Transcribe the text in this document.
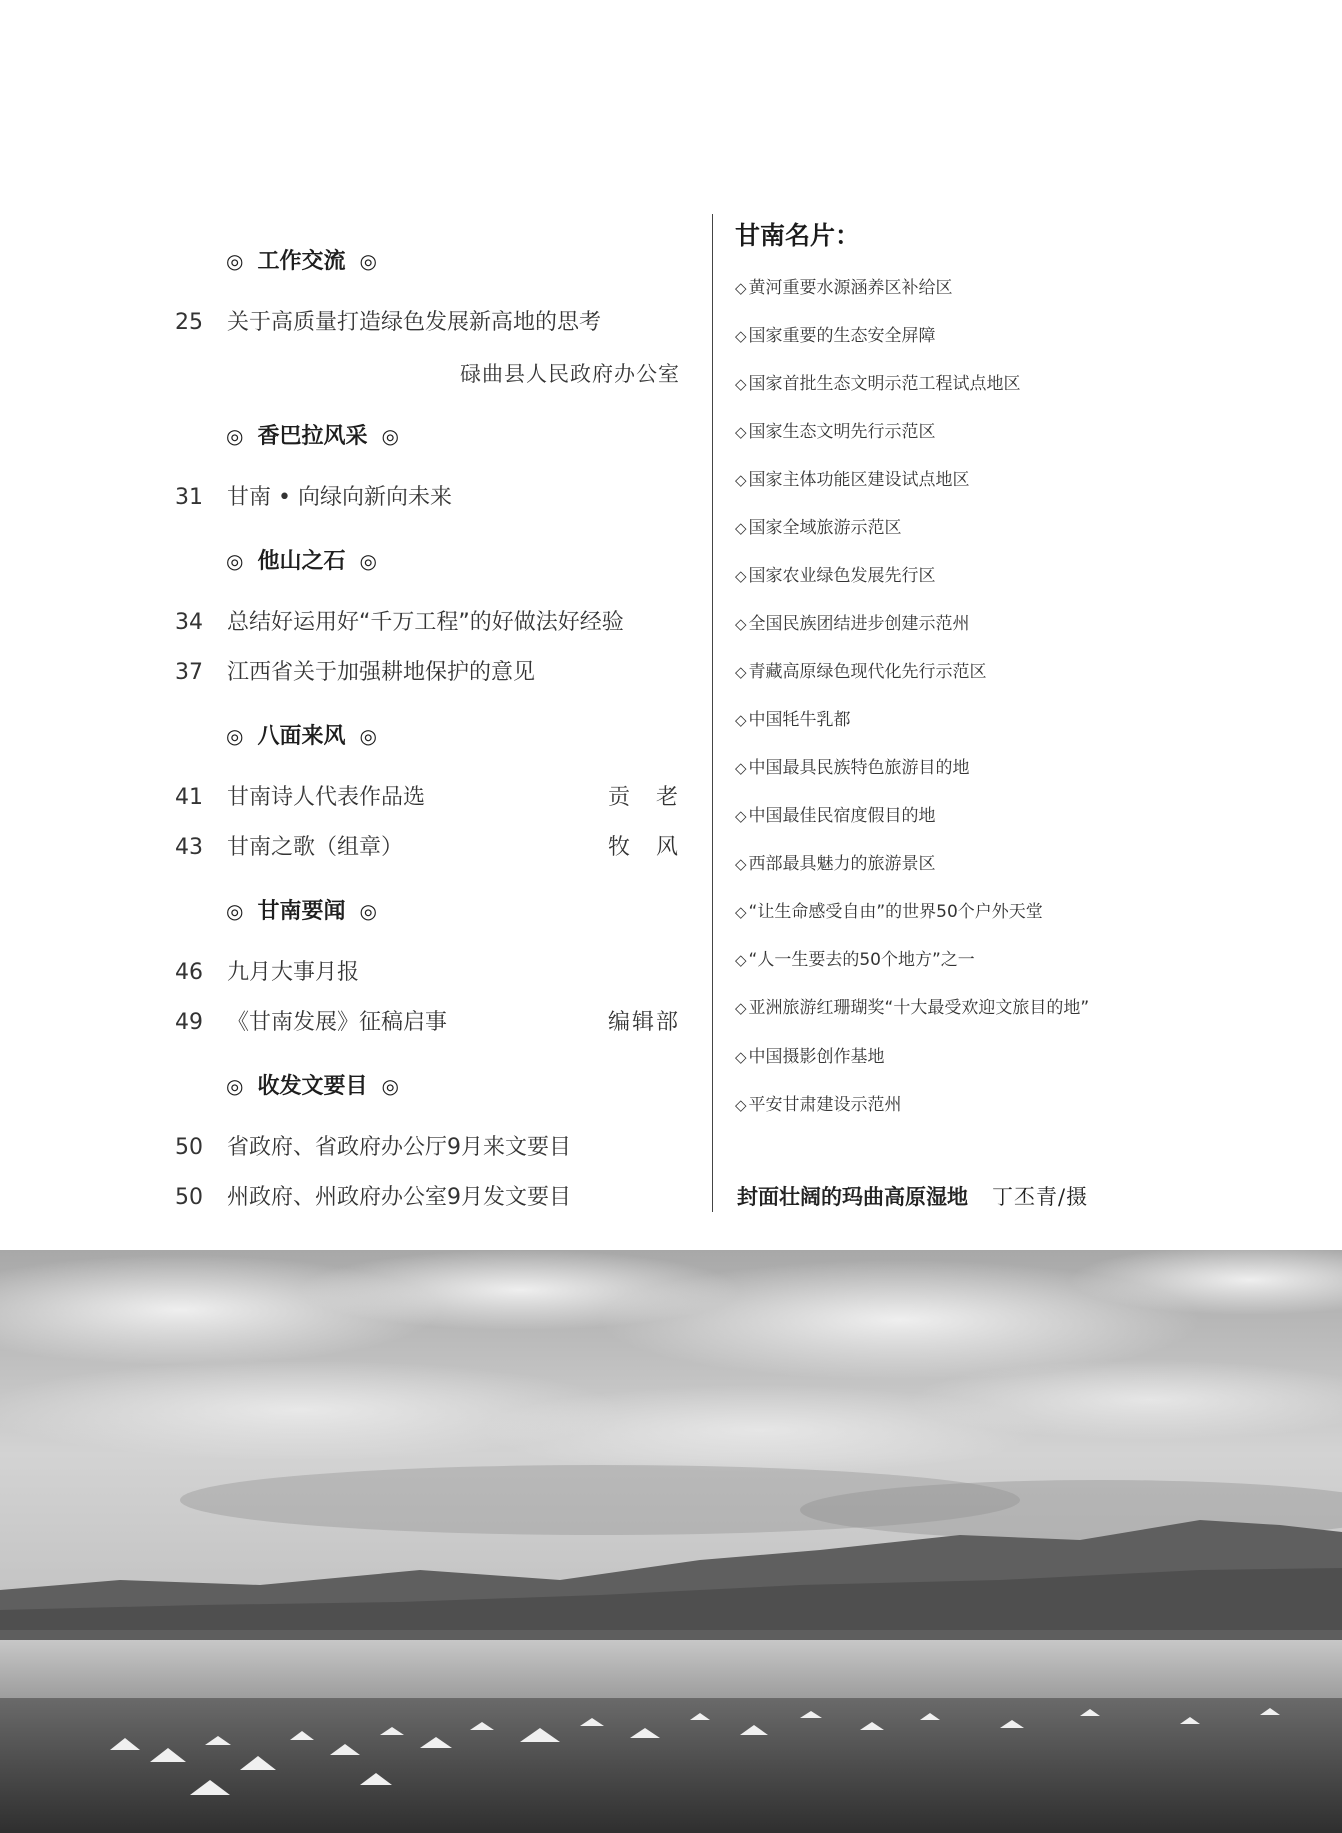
◎ 工作交流 ◎
25	关于高质量打造绿色发展新高地的思考
碌曲县人民政府办公室
◎ 香巴拉风采 ◎
31	甘南 • 向绿向新向未来
◎ 他山之石 ◎
34	总结好运用好“千万工程”的好做法好经验
37	江西省关于加强耕地保护的意见
◎ 八面来风 ◎
41	甘南诗人代表作品选	贡　老
43	甘南之歌（组章）	牧　风
◎ 甘南要闻 ◎
46	九月大事月报
49	《甘南发展》征稿启事	编辑部
◎ 收发文要目 ◎
50	省政府、省政府办公厅9月来文要目
50	州政府、州政府办公室9月发文要目
甘南名片：
◇ 黄河重要水源涵养区补给区
◇ 国家重要的生态安全屏障
◇ 国家首批生态文明示范工程试点地区
◇ 国家生态文明先行示范区
◇ 国家主体功能区建设试点地区
◇ 国家全域旅游示范区
◇ 国家农业绿色发展先行区
◇ 全国民族团结进步创建示范州
◇ 青藏高原绿色现代化先行示范区
◇ 中国牦牛乳都
◇ 中国最具民族特色旅游目的地
◇ 中国最佳民宿度假目的地
◇ 西部最具魅力的旅游景区
◇ “让生命感受自由”的世界50个户外天堂
◇ “人一生要去的50个地方”之一
◇ 亚洲旅游红珊瑚奖“十大最受欢迎文旅目的地”
◇ 中国摄影创作基地
◇ 平安甘肃建设示范州
封面壮阔的玛曲高原湿地 丁丕青/摄
